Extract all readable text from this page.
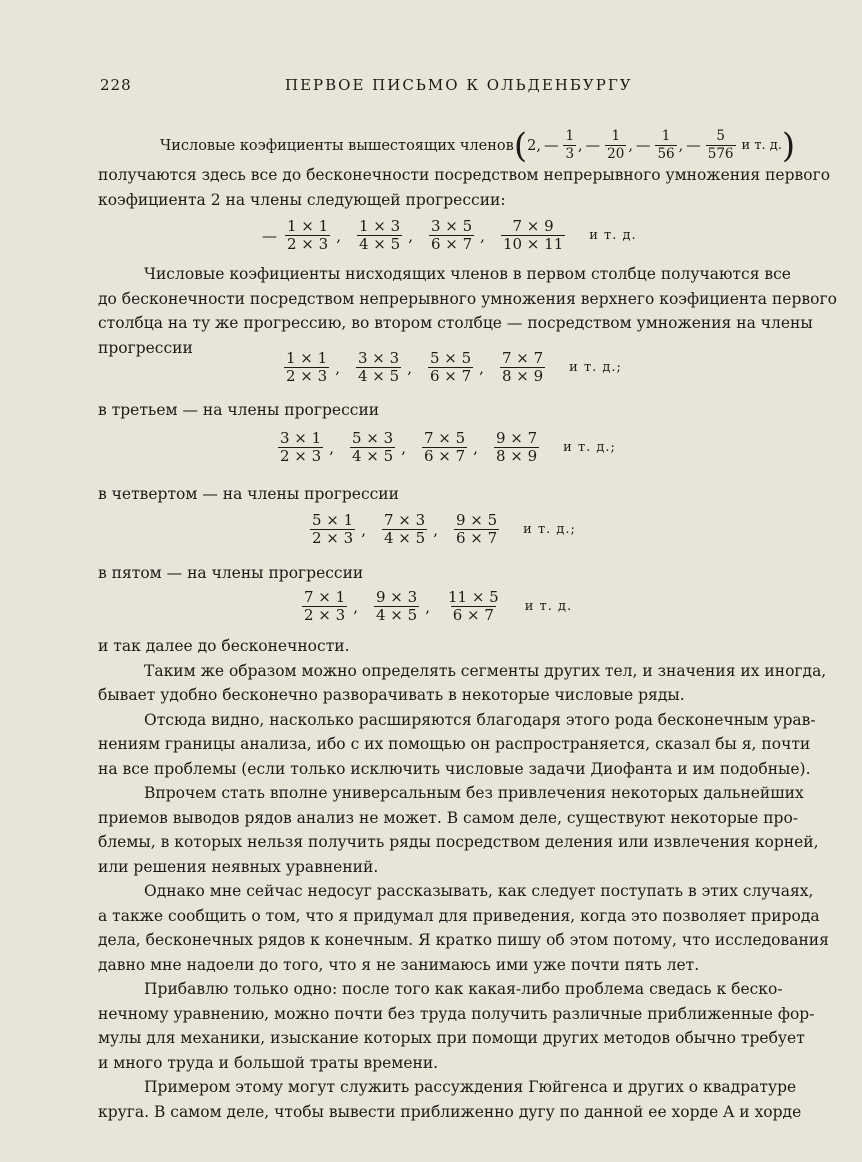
228	ПЕРВОЕ ПИСЬМО К ОЛЬДЕНБУРГУ
Числовые коэфициенты вышестоящих членов ( 2, — $\frac{1}{3}$ , — $\frac{1}{20}$ , — $\frac{1}{56}$ , — $\frac{5}{576}$ и т. д. )
получаются здесь все до бесконечности посредством непрерывного умножения первого
коэфициента 2 на члены следующей прогрессии:
— $\frac{1 \times 1}{2 \times 3}$ , $\frac{1 \times 3}{4 \times 5}$ , $\frac{3 \times 5}{6 \times 7}$ , $\frac{7 \times 9}{10 \times 11}$ и т. д.
Числовые коэфициенты нисходящих членов в первом столбце получаются все
до бесконечности посредством непрерывного умножения верхнего коэфициента первого
столбца на ту же прогрессию, во втором столбце — посредством умножения на члены
прогрессии
$\frac{1 \times 1}{2 \times 3}$ , $\frac{3 \times 3}{4 \times 5}$ , $\frac{5 \times 5}{6 \times 7}$ , $\frac{7 \times 7}{8 \times 9}$ и т. д.;
в третьем — на члены прогрессии
$\frac{3 \times 1}{2 \times 3}$ , $\frac{5 \times 3}{4 \times 5}$ , $\frac{7 \times 5}{6 \times 7}$ , $\frac{9 \times 7}{8 \times 9}$ и т. д.;
в четвертом — на члены прогрессии
$\frac{5 \times 1}{2 \times 3}$ , $\frac{7 \times 3}{4 \times 5}$ , $\frac{9 \times 5}{6 \times 7}$ и т. д.;
в пятом — на члены прогрессии
$\frac{7 \times 1}{2 \times 3}$ , $\frac{9 \times 3}{4 \times 5}$ , $\frac{11 \times 5}{6 \times 7}$ и т. д.
и так далее до бесконечности.
Таким же образом можно определять сегменты других тел, и значения их иногда,
бывает удобно бесконечно разворачивать в некоторые числовые ряды.
Отсюда видно, насколько расширяются благодаря этого рода бесконечным урав-
нениям границы анализа, ибо с их помощью он распространяется, сказал бы я, почти
на все проблемы (если только исключить числовые задачи Диофанта и им подобные).
Впрочем стать вполне универсальным без привлечения некоторых дальнейших
приемов выводов рядов анализ не может. В самом деле, существуют некоторые про-
блемы, в которых нельзя получить ряды посредством деления или извлечения корней,
или решения неявных уравнений.
Однако мне сейчас недосуг рассказывать, как следует поступать в этих случаях,
а также сообщить о том, что я придумал для приведения, когда это позволяет природа
дела, бесконечных рядов к конечным. Я кратко пишу об этом потому, что исследования
давно мне надоели до того, что я не занимаюсь ими уже почти пять лет.
Прибавлю только одно: после того как какая-либо проблема сведась к беско-
нечному уравнению, можно почти без труда получить различные приближенные фор-
мулы для механики, изыскание которых при помощи других методов обычно требует
и много труда и большой траты времени.
Примером этому могут служить рассуждения Гюйгенса и других о квадратуре
круга. В самом деле, чтобы вывести приближенно дугу по данной ее хорде A и хорде
